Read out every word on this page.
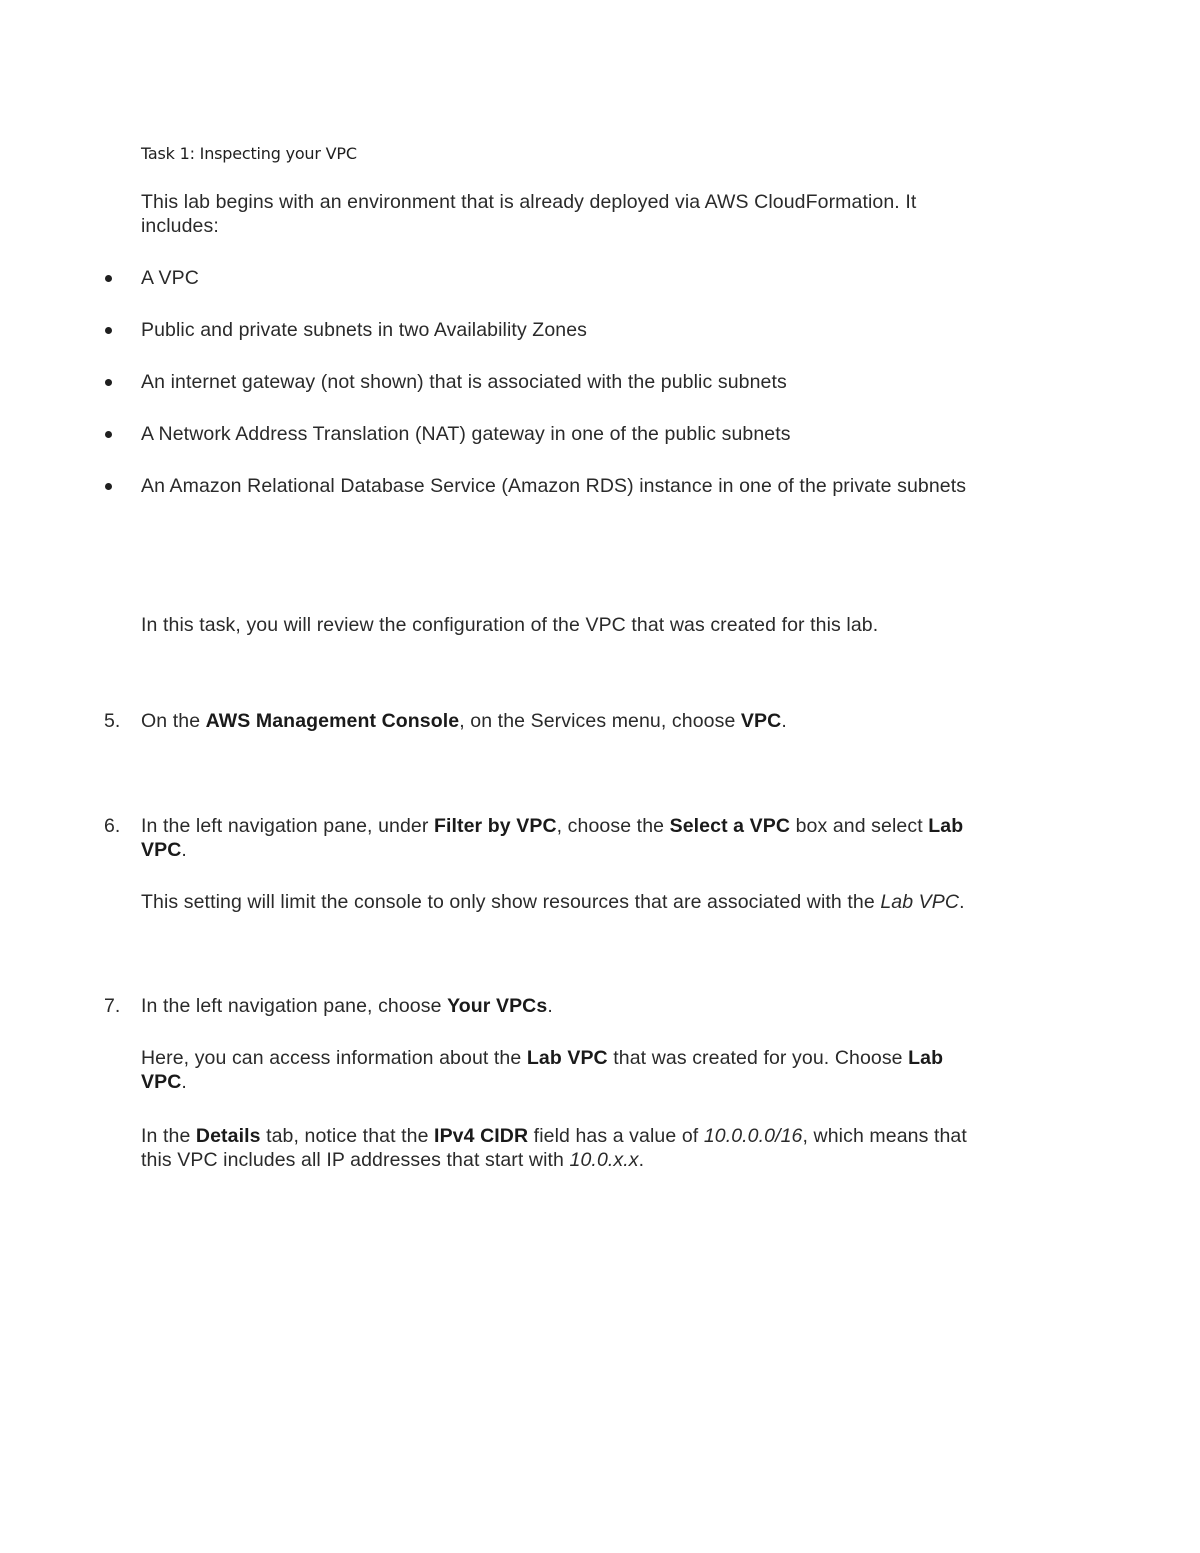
Task 1: Inspecting your VPC
This lab begins with an environment that is already deployed via AWS CloudFormation. It
includes:
A VPC
Public and private subnets in two Availability Zones
An internet gateway (not shown) that is associated with the public subnets
A Network Address Translation (NAT) gateway in one of the public subnets
An Amazon Relational Database Service (Amazon RDS) instance in one of the private subnets
In this task, you will review the configuration of the VPC that was created for this lab.
5. On the AWS Management Console, on the Services menu, choose VPC.
6. In the left navigation pane, under Filter by VPC, choose the Select a VPC box and select Lab
VPC.
This setting will limit the console to only show resources that are associated with the Lab VPC.
7. In the left navigation pane, choose Your VPCs.
Here, you can access information about the Lab VPC that was created for you. Choose Lab
VPC.
In the Details tab, notice that the IPv4 CIDR field has a value of 10.0.0.0/16, which means that
this VPC includes all IP addresses that start with 10.0.x.x.
